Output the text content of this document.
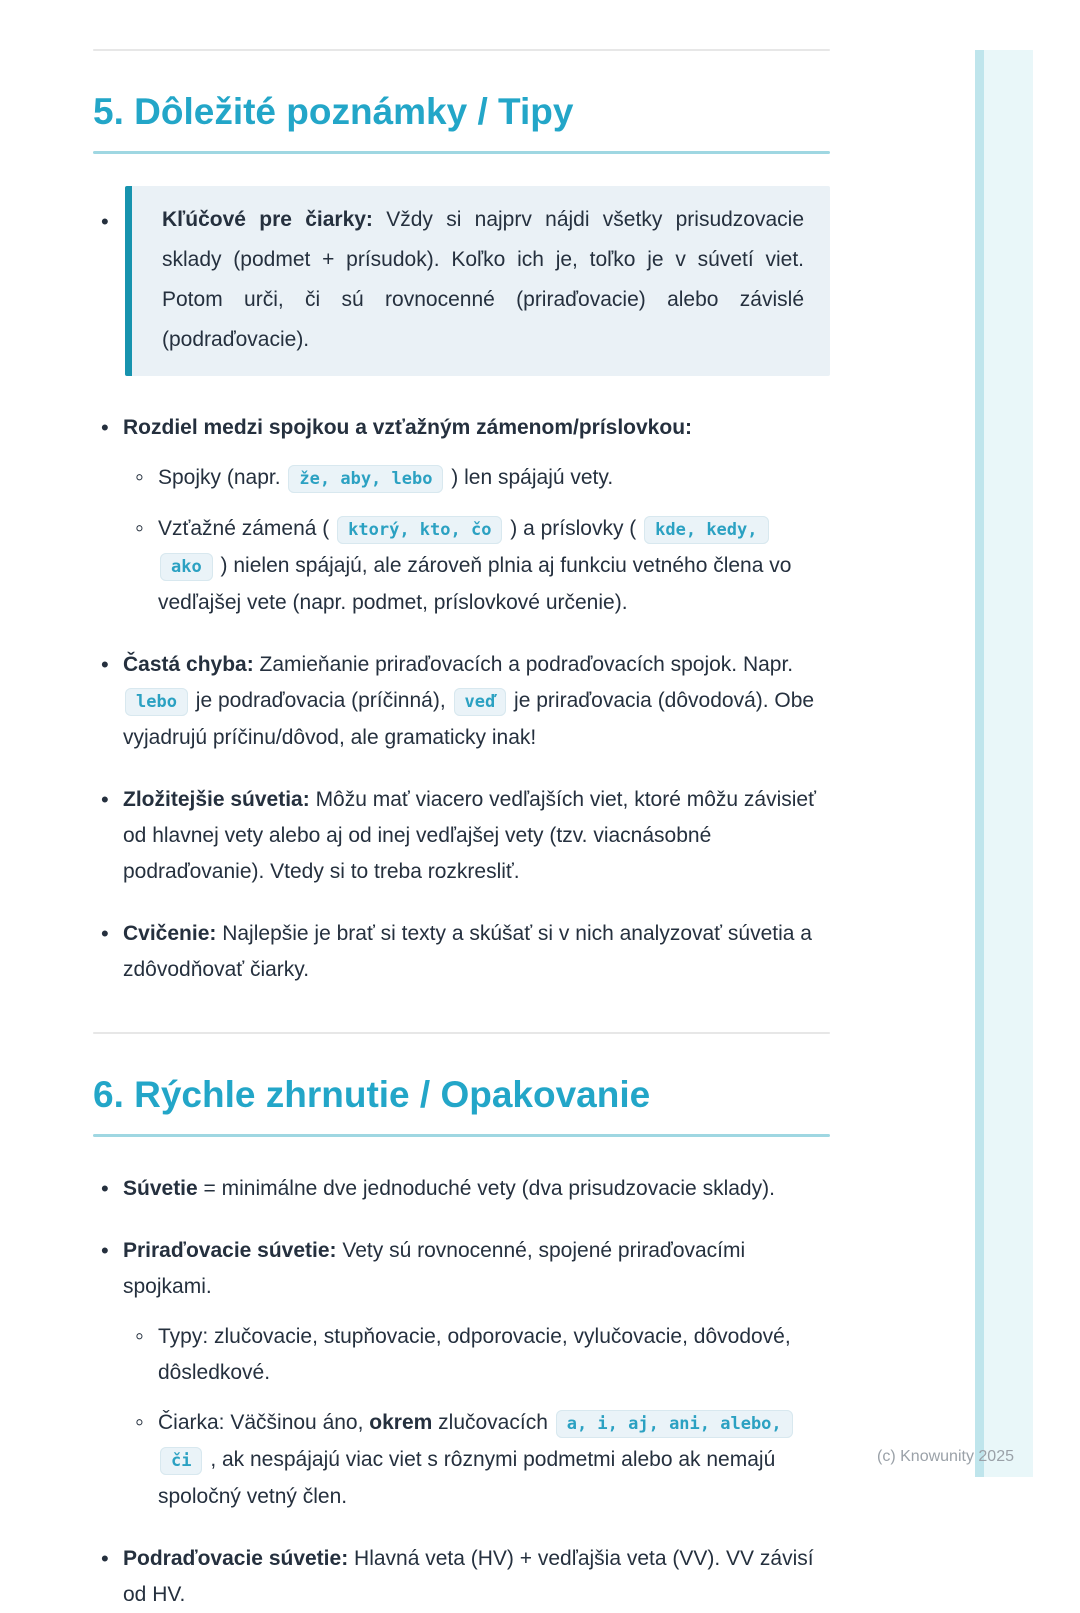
5. Dôležité poznámky / Tipy
• Kľúčové pre čiarky: Vždy si najprv nájdi všetky prisudzovacie sklady (podmet + prísudok). Koľko ich je, toľko je v súvetí viet. Potom urči, či sú rovnocenné (priraďovacie) alebo závislé (podraďovacie).
• Rozdiel medzi spojkou a vzťažným zámenom/príslovkou:
◦ Spojky (napr. že, aby, lebo ) len spájajú vety.
◦ Vzťažné zámená ( ktorý, kto, čo ) a príslovky ( kde, kedy, ako ) nielen spájajú, ale zároveň plnia aj funkciu vetného člena vo vedľajšej vete (napr. podmet, príslovkové určenie).
• Častá chyba: Zamieňanie priraďovacích a podraďovacích spojok. Napr. lebo je podraďovacia (príčinná), veď je priraďovacia (dôvodová). Obe vyjadrujú príčinu/dôvod, ale gramaticky inak!
• Zložitejšie súvetia: Môžu mať viacero vedľajších viet, ktoré môžu závisieť od hlavnej vety alebo aj od inej vedľajšej vety (tzv. viacnásobné podraďovanie). Vtedy si to treba rozkresliť.
• Cvičenie: Najlepšie je brať si texty a skúšať si v nich analyzovať súvetia a zdôvodňovať čiarky.
6. Rýchle zhrnutie / Opakovanie
• Súvetie = minimálne dve jednoduché vety (dva prisudzovacie sklady).
• Priraďovacie súvetie: Vety sú rovnocenné, spojené priraďovacími spojkami.
◦ Typy: zlučovacie, stupňovacie, odporovacie, vylučovacie, dôvodové, dôsledkové.
◦ Čiarka: Väčšinou áno, okrem zlučovacích a, i, aj, ani, alebo, či , ak nespájajú viac viet s rôznymi podmetmi alebo ak nemajú spoločný vetný člen.
• Podraďovacie súvetie: Hlavná veta (HV) + vedľajšia veta (VV). VV závisí od HV.
(c) Knowunity 2025
